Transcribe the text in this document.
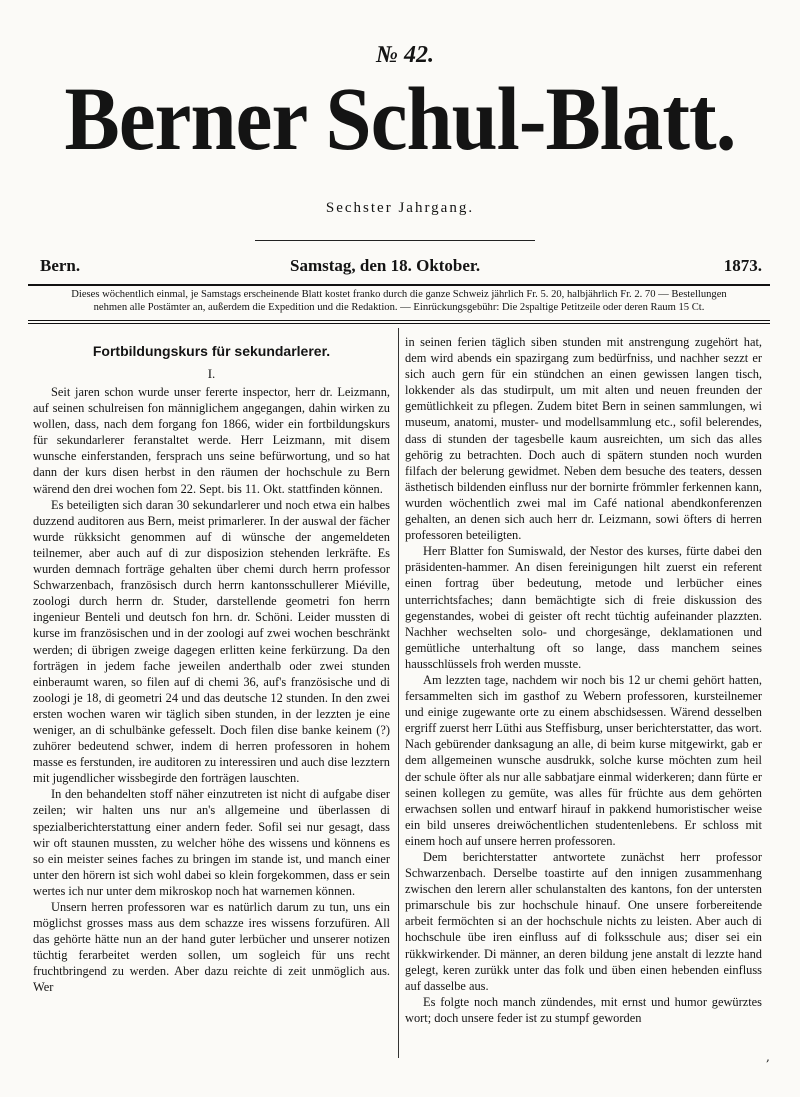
№ 42.
Berner Schul-Blatt.
Sechster Jahrgang.
Bern.	Samstag, den 18. Oktober.	1873.
Dieses wöchentlich einmal, je Samstags erscheinende Blatt kostet franko durch die ganze Schweiz jährlich Fr. 5. 20, halbjährlich Fr. 2. 70 — Bestellungen
nehmen alle Postämter an, außerdem die Expedition und die Redaktion. — Einrückungsgebühr: Die 2spaltige Petitzeile oder deren Raum 15 Ct.
Fortbildungskurs für sekundarlerer.
I.

Seit jaren schon wurde unser fererte inspector, herr dr. Leizmann, auf seinen schulreisen fon männiglichem angegangen, dahin wirken zu wollen, dass, nach dem forgang fon 1866, wider ein fortbildungskurs für sekundarlerer feranstaltet werde. Herr Leizmann, mit disem wunsche einferstanden, fersprach uns seine befürwortung, und so hat dann der kurs disen herbst in den räumen der hochschule zu Bern wärend den drei wochen fom 22. Sept. bis 11. Okt. stattfinden können.

Es beteiligten sich daran 30 sekundarlerer und noch etwa ein halbes duzzend auditoren aus Bern, meist primarlerer. In der auswal der fächer wurde rükksicht genommen auf di wünsche der angemeldeten teilnemer, aber auch auf di zur disposizion stehenden lerkräfte. Es wurden demnach forträge gehalten über chemi durch herrn professor Schwarzenbach, französisch durch herrn kantonsschullerer Miéville, zoologi durch herrn dr. Studer, darstellende geometri fon herrn ingenieur Benteli und deutsch fon hrn. dr. Schöni. Leider mussten di kurse im französischen und in der zoologi auf zwei wochen beschränkt werden; di übrigen zweige dagegen erlitten keine ferkürzung. Da den forträgen in jedem fache jeweilen anderthalb oder zwei stunden einberaumt waren, so filen auf di chemi 36, auf's französische und di zoologi je 18, di geometri 24 und das deutsche 12 stunden. In den zwei ersten wochen waren wir täglich siben stunden, in der lezzten je eine weniger, an di schulbänke gefesselt. Doch filen dise banke keinem (?) zuhörer bedeutend schwer, indem di herren professoren in hohem masse es ferstunden, ire auditoren zu interessiren und auch dise lezztern mit jugendlicher wissbegirde den forträgen lauschten.

In den behandelten stoff näher einzutreten ist nicht di aufgabe diser zeilen; wir halten uns nur an's allgemeine und überlassen di spezialberichterstattung einer andern feder. Sofil sei nur gesagt, dass wir oft staunen mussten, zu welcher höhe des wissens und könnens es so ein meister seines faches zu bringen im stande ist, und manch einer unter den hörern ist sich wohl dabei so klein forgekommen, dass er sein wertes ich nur unter dem mikroskop noch hat warnemen können.

Unsern herren professoren war es natürlich darum zu tun, uns ein möglichst grosses mass aus dem schazze ires wissens forzufüren. All das gehörte hätte nun an der hand guter lerbücher und unserer notizen tüchtig ferarbeitet werden sollen, um sogleich für uns recht fruchtbringend zu werden. Aber dazu reichte di zeit unmöglich aus. Wer

in seinen ferien täglich siben stunden mit anstrengung zugehört hat, dem wird abends ein spazirgang zum bedürfniss, und nachher sezzt er sich auch gern für ein stündchen an einen gewissen langen tisch, lokkender als das studirpult, um mit alten und neuen freunden der gemütlichkeit zu pflegen. Zudem bitet Bern in seinen sammlungen, wi museum, anatomi, muster- und modellsammlung etc., sofil belerendes, dass di stunden der tagesbelle kaum ausreichten, um sich das alles gehörig zu betrachten. Doch auch di spätern stunden noch wurden filfach der belerung gewidmet. Neben dem besuche des teaters, dessen ästhetisch bildenden einfluss nur der bornirte frömmler ferkennen kann, wurden wöchentlich zwei mal im Café national abendkonferenzen gehalten, an denen sich auch herr dr. Leizmann, sowi öfters di herren professoren beteiligten.

Herr Blatter fon Sumiswald, der Nestor des kurses, fürte dabei den präsidenten-hammer. An disen fereinigungen hilt zuerst ein referent einen fortrag über bedeutung, metode und lerbücher eines unterrichtsfaches; dann bemächtigte sich di freie diskussion des gegenstandes, wobei di geister oft recht tüchtig aufeinander plazzten. Nachher wechselten solo- und chorgesänge, deklamationen und gemütliche unterhaltung oft so lange, dass manchem seines hausschlüssels froh werden musste.

Am lezzten tage, nachdem wir noch bis 12 ur chemi gehört hatten, fersammelten sich im gasthof zu Webern professoren, kursteilnemer und einige zugewante orte zu einem abschidsessen. Wärend desselben ergriff zuerst herr Lüthi aus Steffisburg, unser berichterstatter, das wort. Nach gebürender danksagung an alle, di beim kurse mitgewirkt, gab er dem allgemeinen wunsche ausdrukk, solche kurse möchten zum heil der schule öfter als nur alle sabbatjare einmal widerkeren; dann fürte er seinen kollegen zu gemüte, was alles für früchte aus dem gehörten erwachsen sollen und entwarf hirauf in pakkend humoristischer weise ein bild unseres dreiwöchentlichen studentenlebens. Er schloss mit einem hoch auf unsere herren professoren.

Dem berichterstatter antwortete zunächst herr professor Schwarzenbach. Derselbe toastirte auf den innigen zusammenhang zwischen den lerern aller schulanstalten des kantons, fon der untersten primarschule bis zur hochschule hinauf. One unsere forbereitende arbeit fermöchten si an der hochschule nichts zu leisten. Aber auch di hochschule übe iren einfluss auf di folksschule aus; diser sei ein rükkwirkender. Di männer, an deren bildung jene anstalt di lezzte hand gelegt, keren zurükk unter das folk und üben einen hebenden einfluss auf dasselbe aus.

Es folgte noch manch zündendes, mit ernst und humor gewürztes wort; doch unsere feder ist zu stumpf geworden

,
